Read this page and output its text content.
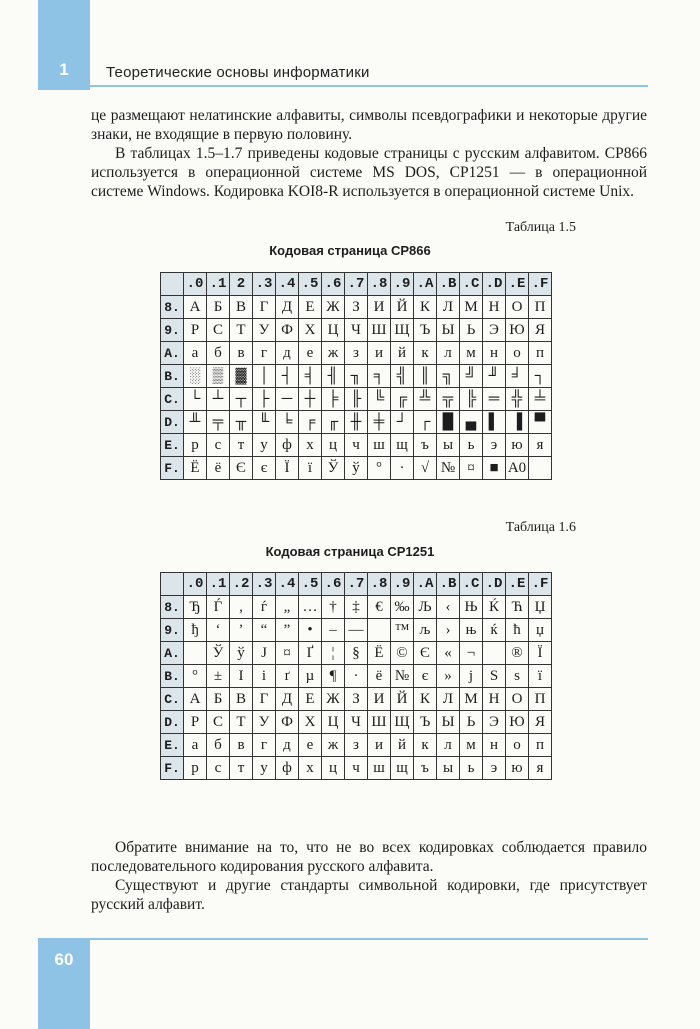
1	Теоретические основы информатики

це размещают нелатинские алфавиты, символы псевдографики и некоторые другие знаки, не входящие в первую половину.

В таблицах 1.5–1.7 приведены кодовые страницы с русским алфавитом. CP866 используется в операционной системе MS DOS, CP1251 — в операционной системе Windows. Кодировка KOI8-R используется в операционной системе Unix.

Таблица 1.5
Кодовая страница CP866
	.0	.1	2	.3	.4	.5	.6	.7	.8	.9	.A	.B	.C	.D	.E	.F
8.	А	Б	В	Г	Д	Е	Ж	З	И	Й	К	Л	М	Н	О	П
9.	Р	С	Т	У	Ф	Х	Ц	Ч	Ш	Щ	Ъ	Ы	Ь	Э	Ю	Я
A.	а	б	в	г	д	е	ж	з	и	й	к	л	м	н	о	п
B.	░	▒	▓	│	┤	╡	╢	╖	╕	╣	║	╗	╝	╜	╛	┐
C.	└	┴	┬	├	─	┼	╞	╟	╚	╔	╩	╦	╠	═	╬	╧
D.	╨	╤	╥	╙	╘	╒	╓	╫	╪	┘	┌	█	▄	▌	▐	▀
E.	р	с	т	у	ф	х	ц	ч	ш	щ	ъ	ы	ь	э	ю	я
F.	Ё	ё	Є	є	Ї	ї	Ў	ў	°	·	√	№	¤	■	A0	
Таблица 1.6
Кодовая страница CP1251
	.0	.1	.2	.3	.4	.5	.6	.7	.8	.9	.A	.B	.C	.D	.E	.F
8.	Ђ	Ѓ	‚	ѓ	„	…	†	‡	€	‰	Љ	‹	Њ	Ќ	Ћ	Џ
9.	ђ	‘	’	“	”	•	–	—		™	љ	›	њ	ќ	ћ	џ
A.		Ў	ў	Ј	¤	Ґ	¦	§	Ё	©	Є	«	¬		®	Ї
B.	°	±	І	і	ґ	µ	¶	·	ё	№	є	»	ј	Ѕ	ѕ	ї
C.	А	Б	В	Г	Д	Е	Ж	З	И	Й	К	Л	М	Н	О	П
D.	Р	С	Т	У	Ф	Х	Ц	Ч	Ш	Щ	Ъ	Ы	Ь	Э	Ю	Я
E.	а	б	в	г	д	е	ж	з	и	й	к	л	м	н	о	п
F.	р	с	т	у	ф	х	ц	ч	ш	щ	ъ	ы	ь	э	ю	я

Обратите внимание на то, что не во всех кодировках соблюдается правило последовательного кодирования русского алфавита.

Существуют и другие стандарты символьной кодировки, где присутствует русский алфавит.

60
